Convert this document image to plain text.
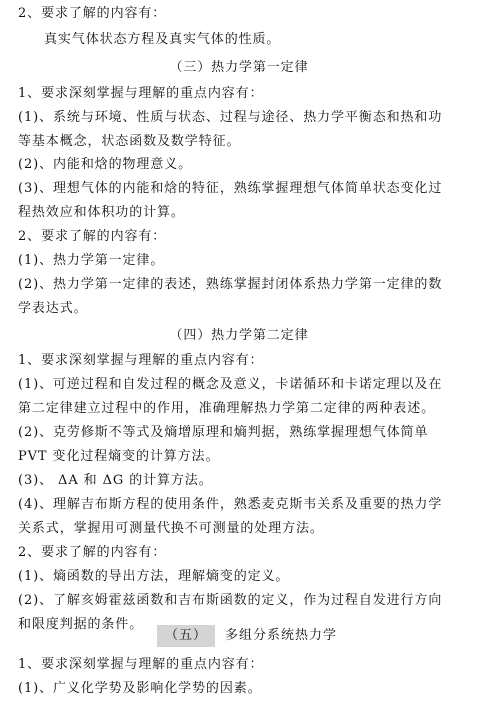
2、要求了解的内容有：
真实气体状态方程及真实气体的性质。
（三）热力学第一定律
1、要求深刻掌握与理解的重点内容有：
(1)、系统与环境、性质与状态、过程与途径、热力学平衡态和热和功
等基本概念，状态函数及数学特征。
(2)、内能和焓的物理意义。
(3)、理想气体的内能和焓的特征，熟练掌握理想气体简单状态变化过
程热效应和体积功的计算。
2、要求了解的内容有：
(1)、热力学第一定律。
(2)、热力学第一定律的表述，熟练掌握封闭体系热力学第一定律的数
学表达式。
（四）热力学第二定律
1、要求深刻掌握与理解的重点内容有：
(1)、可逆过程和自发过程的概念及意义，卡诺循环和卡诺定理以及在
第二定律建立过程中的作用，准确理解热力学第二定律的两种表述。
(2)、克劳修斯不等式及熵增原理和熵判据，熟练掌握理想气体简单
PVT 变化过程熵变的计算方法。
(3)、 ΔA 和 ΔG 的计算方法。
(4)、理解吉布斯方程的使用条件，熟悉麦克斯韦关系及重要的热力学
关系式，掌握用可测量代换不可测量的处理方法。
2、要求了解的内容有：
(1)、熵函数的导出方法，理解熵变的定义。
(2)、了解亥姆霍兹函数和吉布斯函数的定义，作为过程自发进行方向
和限度判据的条件。
（五） 多组分系统热力学
1、要求深刻掌握与理解的重点内容有：
(1)、广义化学势及影响化学势的因素。
